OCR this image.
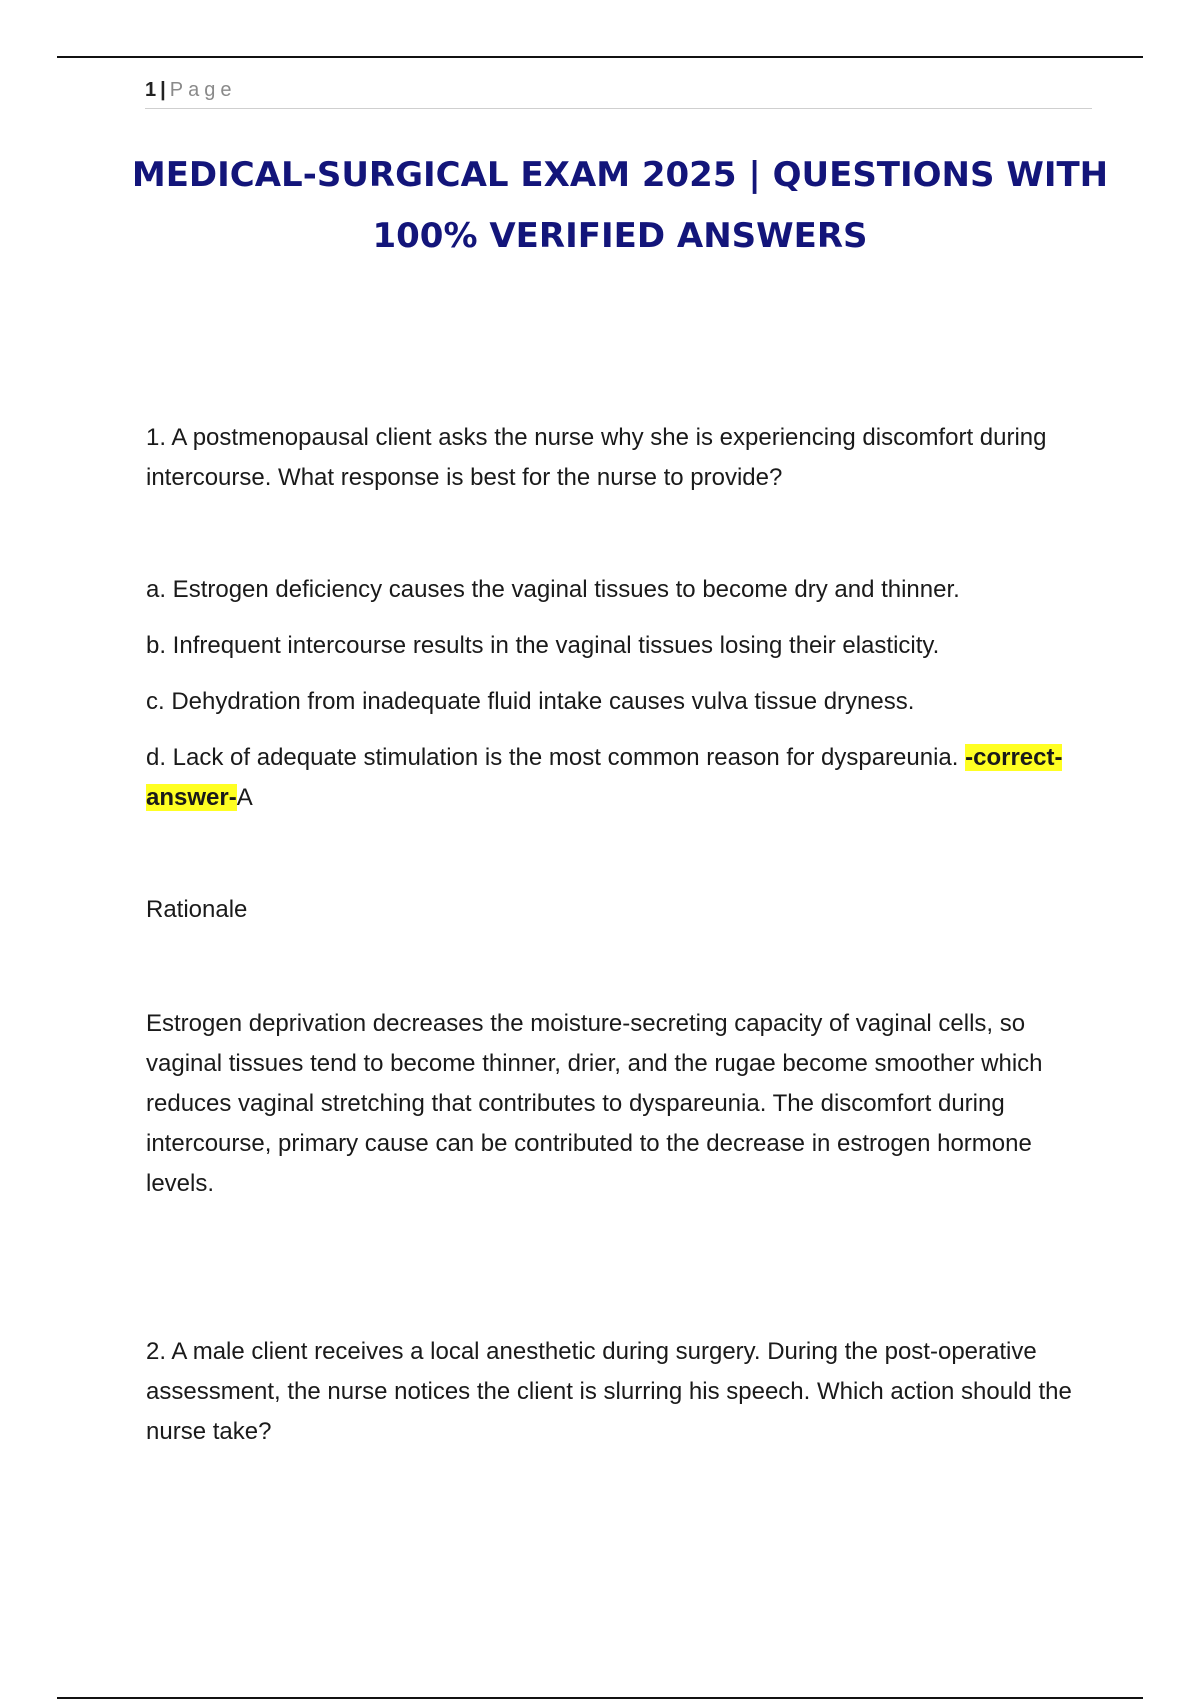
1 | Page
MEDICAL-SURGICAL EXAM 2025 | QUESTIONS WITH 100% VERIFIED ANSWERS

1. A postmenopausal client asks the nurse why she is experiencing discomfort during intercourse. What response is best for the nurse to provide?

a. Estrogen deficiency causes the vaginal tissues to become dry and thinner.

b. Infrequent intercourse results in the vaginal tissues losing their elasticity.

c. Dehydration from inadequate fluid intake causes vulva tissue dryness.

d. Lack of adequate stimulation is the most common reason for dyspareunia. -correct-answer-A

Rationale

Estrogen deprivation decreases the moisture-secreting capacity of vaginal cells, so vaginal tissues tend to become thinner, drier, and the rugae become smoother which reduces vaginal stretching that contributes to dyspareunia. The discomfort during intercourse, primary cause can be contributed to the decrease in estrogen hormone levels.

2. A male client receives a local anesthetic during surgery. During the post-operative assessment, the nurse notices the client is slurring his speech. Which action should the nurse take?
